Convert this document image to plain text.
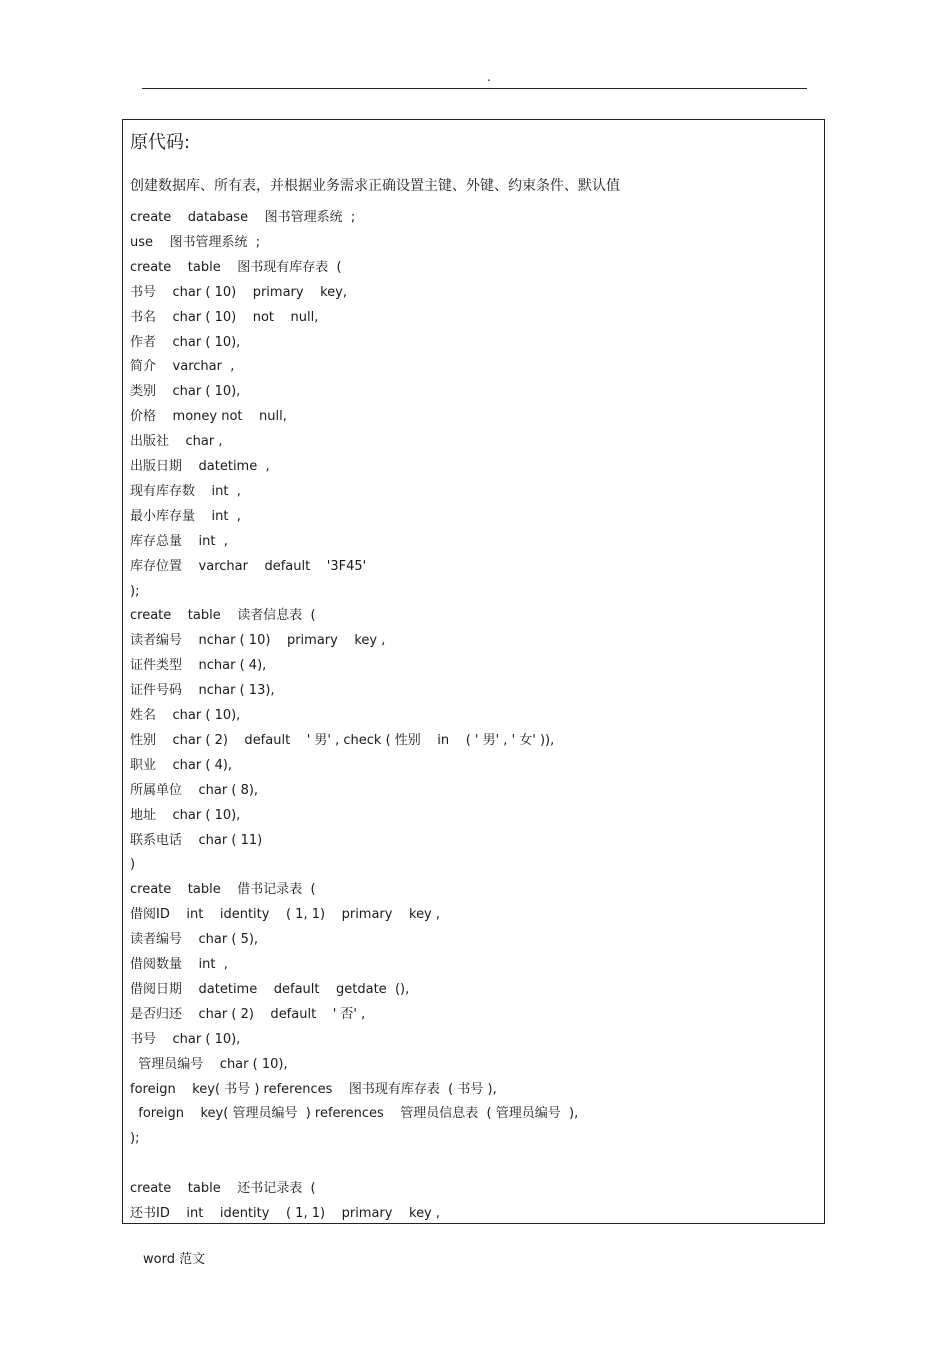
.
原代码:
创建数据库、所有表，并根据业务需求正确设置主键、外键、约束条件、默认值
create    database    图书管理系统  ;
use    图书管理系统  ;
create    table    图书现有库存表  (
书号    char ( 10)    primary    key,
书名    char ( 10)    not    null,
作者    char ( 10),
简介    varchar  ,
类别    char ( 10),
价格    money not    null,
出版社    char ,
出版日期    datetime  ,
现有库存数    int  ,
最小库存量    int  ,
库存总量    int  ,
库存位置    varchar    default    '3F45'
);
create    table    读者信息表  (
读者编号    nchar ( 10)    primary    key ,
证件类型    nchar ( 4),
证件号码    nchar ( 13),
姓名    char ( 10),
性别    char ( 2)    default    ' 男' , check ( 性别    in    ( ' 男' , ' 女' )),
职业    char ( 4),
所属单位    char ( 8),
地址    char ( 10),
联系电话    char ( 11)
)
create    table    借书记录表  (
借阅ID    int    identity    ( 1, 1)    primary    key ,
读者编号    char ( 5),
借阅数量    int  ,
借阅日期    datetime    default    getdate  (),
是否归还    char ( 2)    default    ' 否' ,
书号    char ( 10),
管理员编号    char ( 10),
foreign    key( 书号 ) references    图书现有库存表  ( 书号 ),
foreign    key( 管理员编号  ) references    管理员信息表  ( 管理员编号  ),
);
create    table    还书记录表  (
还书ID    int    identity    ( 1, 1)    primary    key ,
word 范文
